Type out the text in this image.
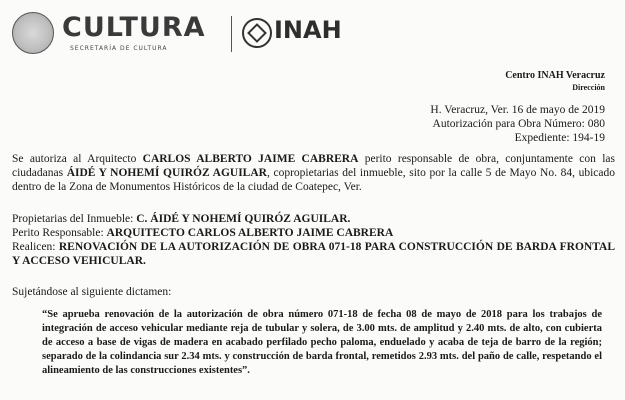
CULTURA
SECRETARÍA DE CULTURA
INAH
Centro INAH Veracruz
Dirección
H. Veracruz, Ver. 16 de mayo de 2019
Autorización para Obra Número: 080
Expediente: 194-19
Se autoriza al Arquitecto CARLOS ALBERTO JAIME CABRERA perito responsable de obra, conjuntamente con las ciudadanas ÁIDÉ Y NOHEMÍ QUIRÓZ AGUILAR, copropietarias del inmueble, sito por la calle 5 de Mayo No. 84, ubicado dentro de la Zona de Monumentos Históricos de la ciudad de Coatepec, Ver.
Propietarias del Inmueble: C. ÁIDÉ Y NOHEMÍ QUIRÓZ AGUILAR.
Perito Responsable: ARQUITECTO CARLOS ALBERTO JAIME CABRERA
Realicen: RENOVACIÓN DE LA AUTORIZACIÓN DE OBRA 071-18 PARA CONSTRUCCIÓN DE BARDA FRONTAL Y ACCESO VEHICULAR.
Sujetándose al siguiente dictamen:
“Se aprueba renovación de la autorización de obra número 071-18 de fecha 08 de mayo de 2018 para los trabajos de integración de acceso vehicular mediante reja de tubular y solera, de 3.00 mts. de amplitud y 2.40 mts. de alto, con cubierta de acceso a base de vigas de madera en acabado perfilado pecho paloma, enduelado y acaba de teja de barro de la región; separado de la colindancia sur 2.34 mts. y construcción de barda frontal, remetidos 2.93 mts. del paño de calle, respetando el alineamiento de las construcciones existentes”.
